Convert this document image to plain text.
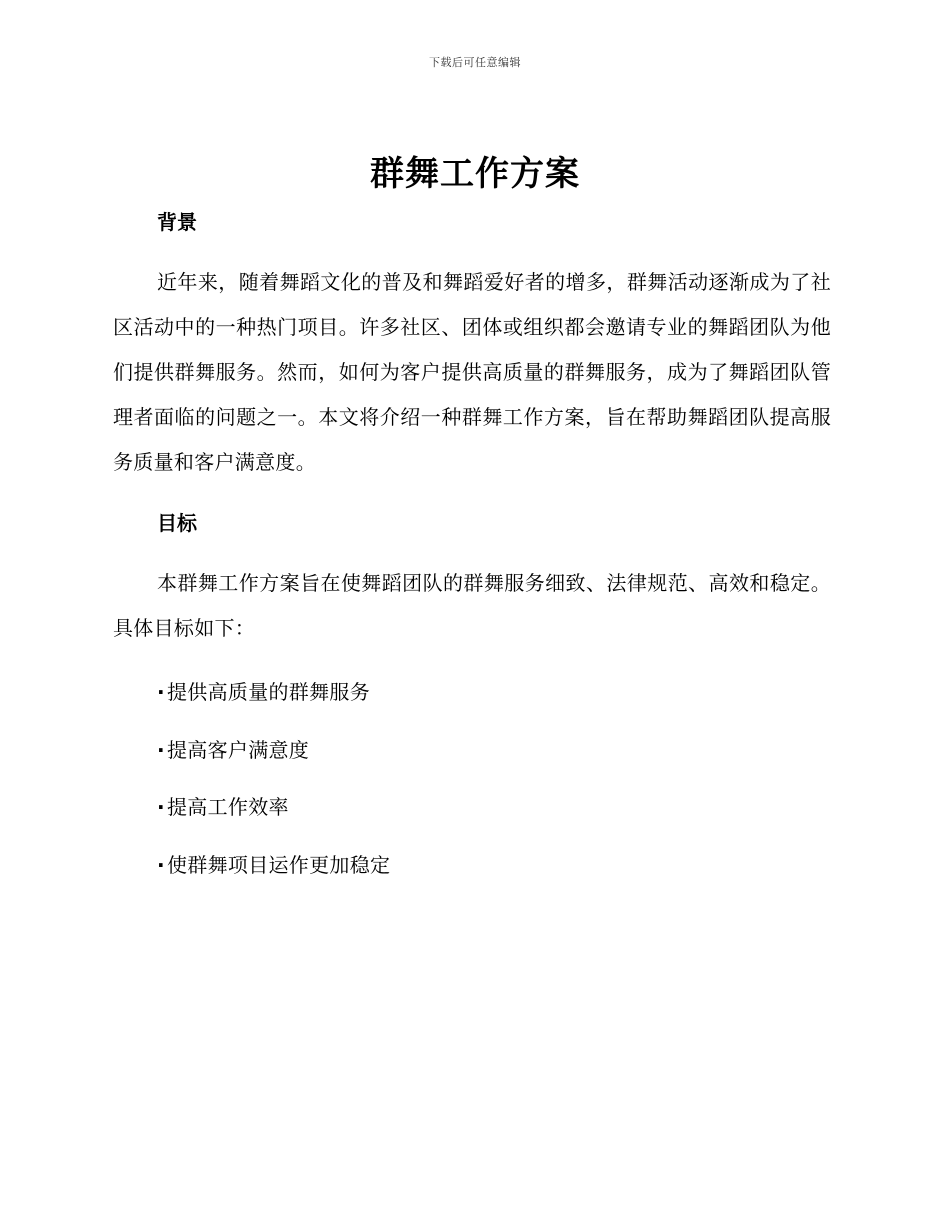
下载后可任意编辑
群舞工作方案
背景

近年来，随着舞蹈文化的普及和舞蹈爱好者的增多，群舞活动逐渐成为了社区活动中的一种热门项目。许多社区、团体或组织都会邀请专业的舞蹈团队为他们提供群舞服务。然而，如何为客户提供高质量的群舞服务，成为了舞蹈团队管理者面临的问题之一。本文将介绍一种群舞工作方案，旨在帮助舞蹈团队提高服务质量和客户满意度。

目标

本群舞工作方案旨在使舞蹈团队的群舞服务细致、法律规范、高效和稳定。具体目标如下：

· 提供高质量的群舞服务
· 提高客户满意度
· 提高工作效率
· 使群舞项目运作更加稳定
